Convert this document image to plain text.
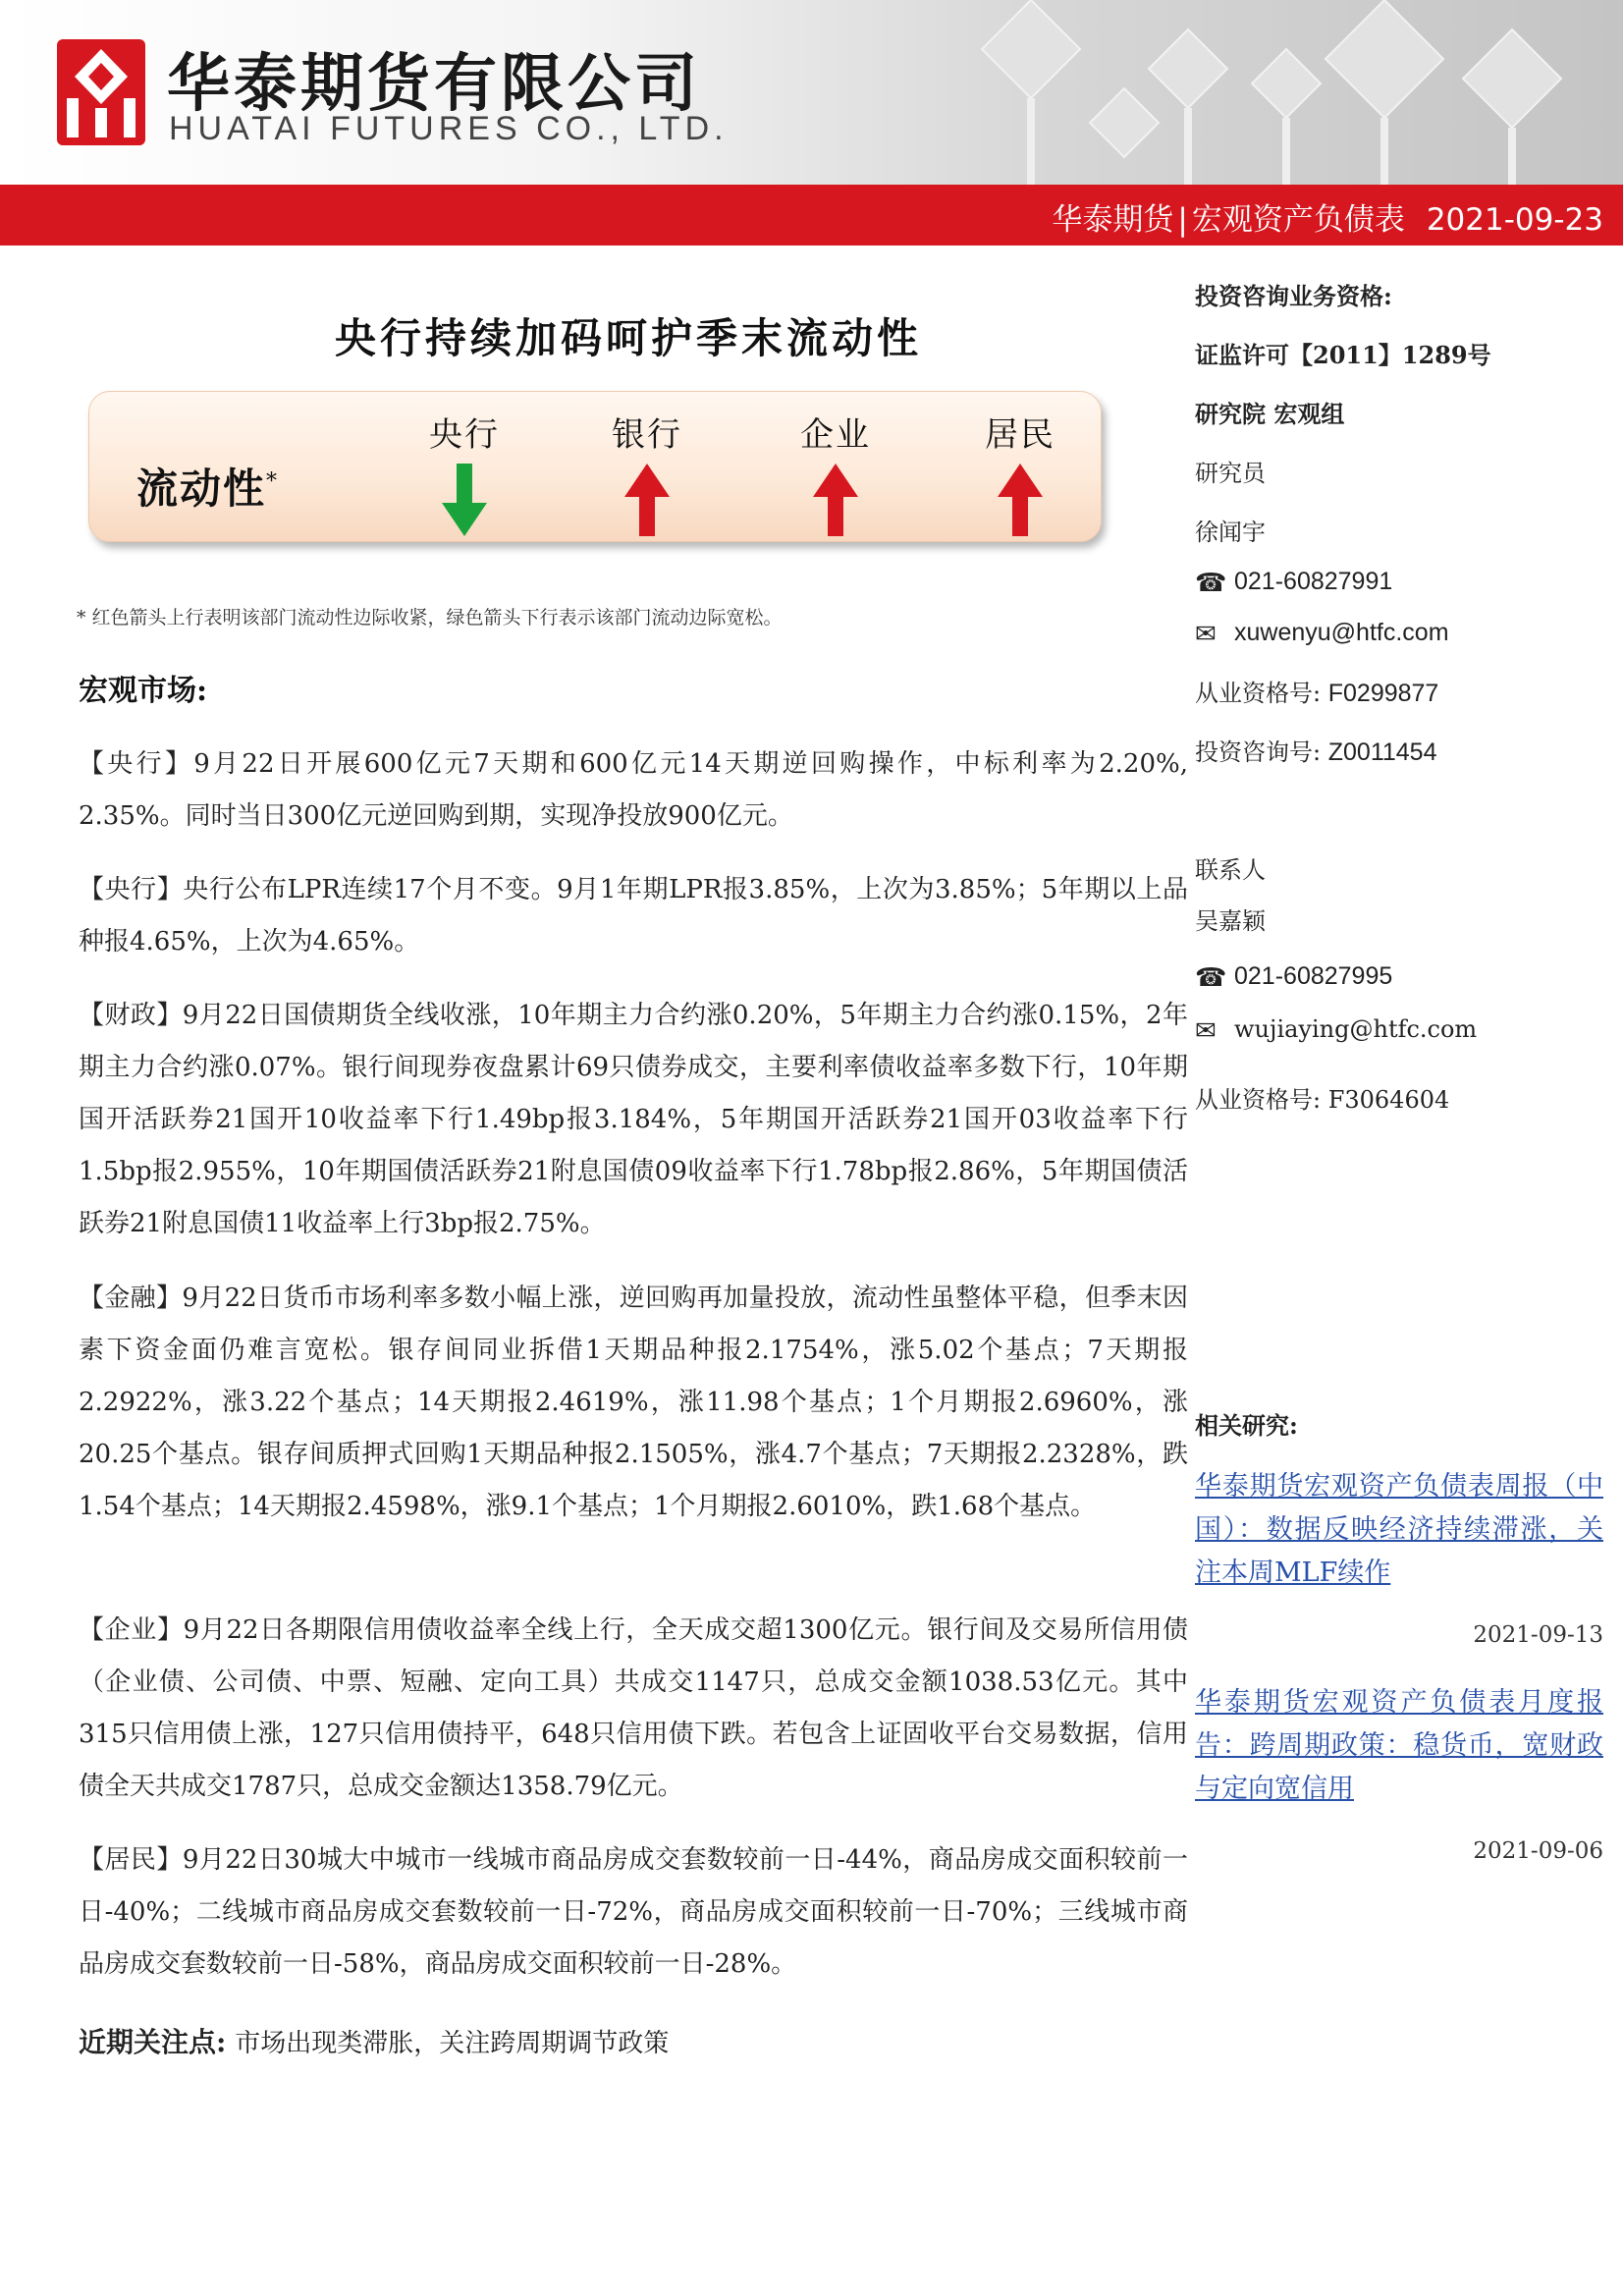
华泰期货有限公司
HUATAI FUTURES CO., LTD.
华泰期货 | 宏观资产负债表 2021-09-23
央行持续加码呵护季末流动性
流动性*
央行	银行	企业	居民
* 红色箭头上行表明该部门流动性边际收紧，绿色箭头下行表示该部门流动边际宽松。
宏观市场:

【央行】9月22日开展600亿元7天期和600亿元14天期逆回购操作，中标利率为2.20%, 2.35%。同时当日300亿元逆回购到期，实现净投放900亿元。

【央行】央行公布LPR连续17个月不变。9月1年期LPR报3.85%，上次为3.85%；5年期以上品种报4.65%，上次为4.65%。

【财政】9月22日国债期货全线收涨，10年期主力合约涨0.20%，5年期主力合约涨0.15%，2年期主力合约涨0.07%。银行间现券夜盘累计69只债券成交，主要利率债收益率多数下行，10年期国开活跃券21国开10收益率下行1.49bp报3.184%，5年期国开活跃券21国开03收益率下行1.5bp报2.955%，10年期国债活跃券21附息国债09收益率下行1.78bp报2.86%，5年期国债活跃券21附息国债11收益率上行3bp报2.75%。

【金融】9月22日货币市场利率多数小幅上涨，逆回购再加量投放，流动性虽整体平稳，但季末因素下资金面仍难言宽松。银存间同业拆借1天期品种报2.1754%，涨5.02个基点；7天期报2.2922%，涨3.22个基点；14天期报2.4619%，涨11.98个基点；1个月期报2.6960%，涨20.25个基点。银存间质押式回购1天期品种报2.1505%，涨4.7个基点；7天期报2.2328%，跌1.54个基点；14天期报2.4598%，涨9.1个基点；1个月期报2.6010%，跌1.68个基点。

【企业】9月22日各期限信用债收益率全线上行，全天成交超1300亿元。银行间及交易所信用债（企业债、公司债、中票、短融、定向工具）共成交1147只，总成交金额1038.53亿元。其中315只信用债上涨，127只信用债持平，648只信用债下跌。若包含上证固收平台交易数据，信用债全天共成交1787只，总成交金额达1358.79亿元。

【居民】9月22日30城大中城市一线城市商品房成交套数较前一日-44%，商品房成交面积较前一日-40%；二线城市商品房成交套数较前一日-72%，商品房成交面积较前一日-70%；三线城市商品房成交套数较前一日-58%，商品房成交面积较前一日-28%。

近期关注点: 市场出现类滞胀，关注跨周期调节政策
投资咨询业务资格:
证监许可【2011】1289号
研究院 宏观组
研究员
徐闻宇
☎ 021-60827991
✉ xuwenyu@htfc.com
从业资格号: F0299877
投资咨询号: Z0011454
联系人
吴嘉颖
☎ 021-60827995
✉ wujiaying@htfc.com
从业资格号: F3064604
相关研究:
华泰期货宏观资产负债表周报（中国）：数据反映经济持续滞涨，关注本周MLF续作
2021-09-13
华泰期货宏观资产负债表月度报告：跨周期政策：稳货币，宽财政与定向宽信用
2021-09-06
